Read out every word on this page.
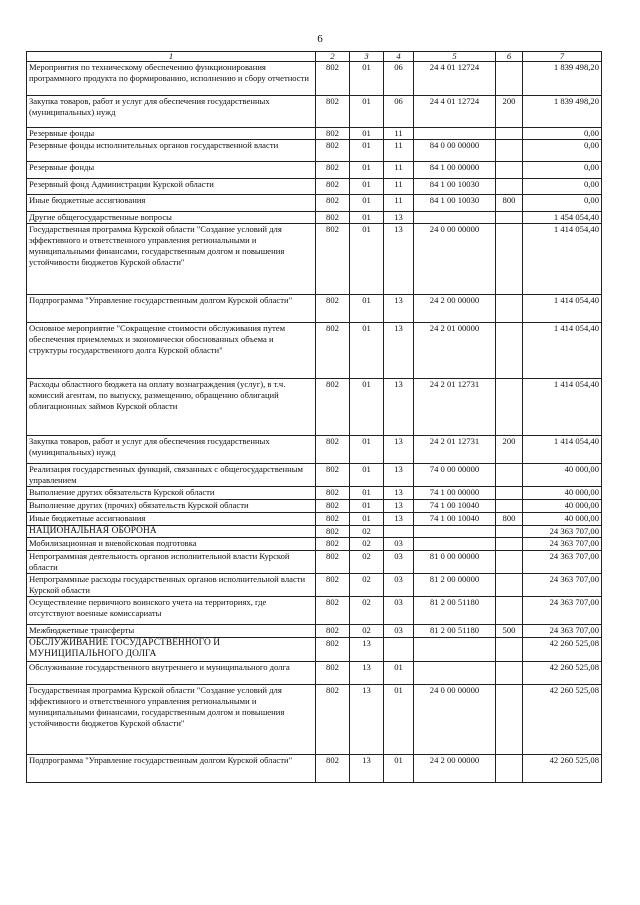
6
1	2	3	4	5	6	7
Мероприятия по техническому обеспечению функционирования программного продукта по формированию, исполнению и сбору отчетности	802	01	06	24 4 01 12724		1 839 498,20
Закупка товаров, работ и услуг для обеспечения государственных (муниципальных) нужд	802	01	06	24 4 01 12724	200	1 839 498,20
Резервные фонды	802	01	11			0,00
Резервные фонды исполнительных органов государственной власти	802	01	11	84 0 00 00000		0,00
Резервные фонды	802	01	11	84 1 00 00000		0,00
Резервный фонд Администрации Курской области	802	01	11	84 1 00 10030		0,00
Иные бюджетные ассигнования	802	01	11	84 1 00 10030	800	0,00
Другие общегосударственные вопросы	802	01	13			1 454 054,40
Государственная программа Курской области "Создание условий для эффективного и ответственного управления региональными и муниципальными финансами, государственным долгом и повышения устойчивости бюджетов Курской области"	802	01	13	24 0 00 00000		1 414 054,40
Подпрограмма "Управление государственным долгом Курской области"	802	01	13	24 2 00 00000		1 414 054,40
Основное мероприятие "Сокращение стоимости обслуживания путем обеспечения приемлемых и экономически обоснованных объема и структуры государственного долга Курской области"	802	01	13	24 2 01 00000		1 414 054,40
Расходы областного бюджета на оплату вознаграждения (услуг), в т.ч. комиссий агентам, по выпуску, размещению, обращению облигаций облигационных займов Курской области	802	01	13	24 2 01 12731		1 414 054,40
Закупка товаров, работ и услуг для обеспечения государственных (муниципальных) нужд	802	01	13	24 2 01 12731	200	1 414 054,40
Реализация государственных функций, связанных с общегосударственным управлением	802	01	13	74 0 00 00000		40 000,00
Выполнение других обязательств Курской области	802	01	13	74 1 00 00000		40 000,00
Выполнение других (прочих) обязательств Курской области	802	01	13	74 1 00 10040		40 000,00
Иные бюджетные ассигнования	802	01	13	74 1 00 10040	800	40 000,00
НАЦИОНАЛЬНАЯ ОБОРОНА	802	02				24 363 707,00
Мобилизационная и вневойсковая подготовка	802	02	03			24 363 707,00
Непрограммная деятельность органов исполнительной власти Курской области	802	02	03	81 0 00 00000		24 363 707,00
Непрограммные расходы государственных органов исполнительной власти Курской области	802	02	03	81 2 00 00000		24 363 707,00
Осуществление первичного воинского учета на территориях, где отсутствуют военные комиссариаты	802	02	03	81 2 00 51180		24 363 707,00
Межбюджетные трансферты	802	02	03	81 2 00 51180	500	24 363 707,00
ОБСЛУЖИВАНИЕ ГОСУДАРСТВЕННОГО И МУНИЦИПАЛЬНОГО ДОЛГА	802	13				42 260 525,08
Обслуживание государственного внутреннего и муниципального долга	802	13	01			42 260 525,08
Государственная программа Курской области "Создание условий для эффективного и ответственного управления региональными и муниципальными финансами, государственным долгом и повышения устойчивости бюджетов Курской области"	802	13	01	24 0 00 00000		42 260 525,08
Подпрограмма "Управление государственным долгом Курской области"	802	13	01	24 2 00 00000		42 260 525,08
